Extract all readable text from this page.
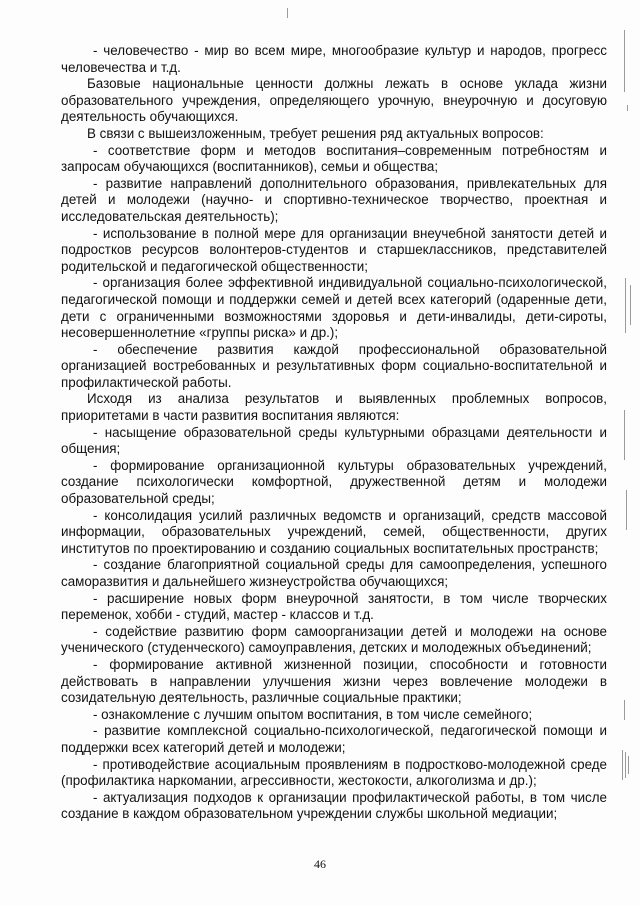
- человечество - мир во всем мире, многообразие культур и народов, прогресс человечества и т.д.

Базовые национальные ценности должны лежать в основе уклада жизни образовательного учреждения, определяющего урочную, внеурочную и досуговую деятельность обучающихся.

В связи с вышеизложенным, требует решения ряд актуальных вопросов:

- соответствие форм и методов воспитания–современным потребностям и запросам обучающихся (воспитанников), семьи и общества;

- развитие направлений дополнительного образования, привлекательных для детей и молодежи (научно- и спортивно-техническое творчество, проектная и исследовательская деятельность);

- использование в полной мере для организации внеучебной занятости детей и подростков ресурсов волонтеров-студентов и старшеклассников, представителей родительской и педагогической общественности;

- организация более эффективной индивидуальной социально-психологической, педагогической помощи и поддержки семей и детей всех категорий (одаренные дети, дети с ограниченными возможностями здоровья и дети-инвалиды, дети-сироты, несовершеннолетние «группы риска» и др.);

- обеспечение развития каждой профессиональной образовательной организацией востребованных и результативных форм социально-воспитательной и профилактической работы.

Исходя из анализа результатов и выявленных проблемных вопросов, приоритетами в части развития воспитания являются:

- насыщение образовательной среды культурными образцами деятельности и общения;

- формирование организационной культуры образовательных учреждений, создание психологически комфортной, дружественной детям и молодежи образовательной среды;

- консолидация усилий различных ведомств и организаций, средств массовой информации, образовательных учреждений, семей, общественности, других институтов по проектированию и созданию социальных воспитательных пространств;

- создание благоприятной социальной среды для самоопределения, успешного саморазвития и дальнейшего жизнеустройства обучающихся;

- расширение новых форм внеурочной занятости, в том числе творческих переменок, хобби - студий, мастер - классов и т.д.

- содействие развитию форм самоорганизации детей и молодежи на основе ученического (студенческого) самоуправления, детских и молодежных объединений;

- формирование активной жизненной позиции, способности и готовности действовать в направлении улучшения жизни через вовлечение молодежи в созидательную деятельность, различные социальные практики;

- ознакомление с лучшим опытом воспитания, в том числе семейного;

- развитие комплексной социально-психологической, педагогической помощи и поддержки всех категорий детей и молодежи;

- противодействие асоциальным проявлениям в подростково-молодежной среде (профилактика наркомании, агрессивности, жестокости, алкоголизма и др.);

- актуализация подходов к организации профилактической работы, в том числе создание в каждом образовательном учреждении службы школьной медиации;

46
